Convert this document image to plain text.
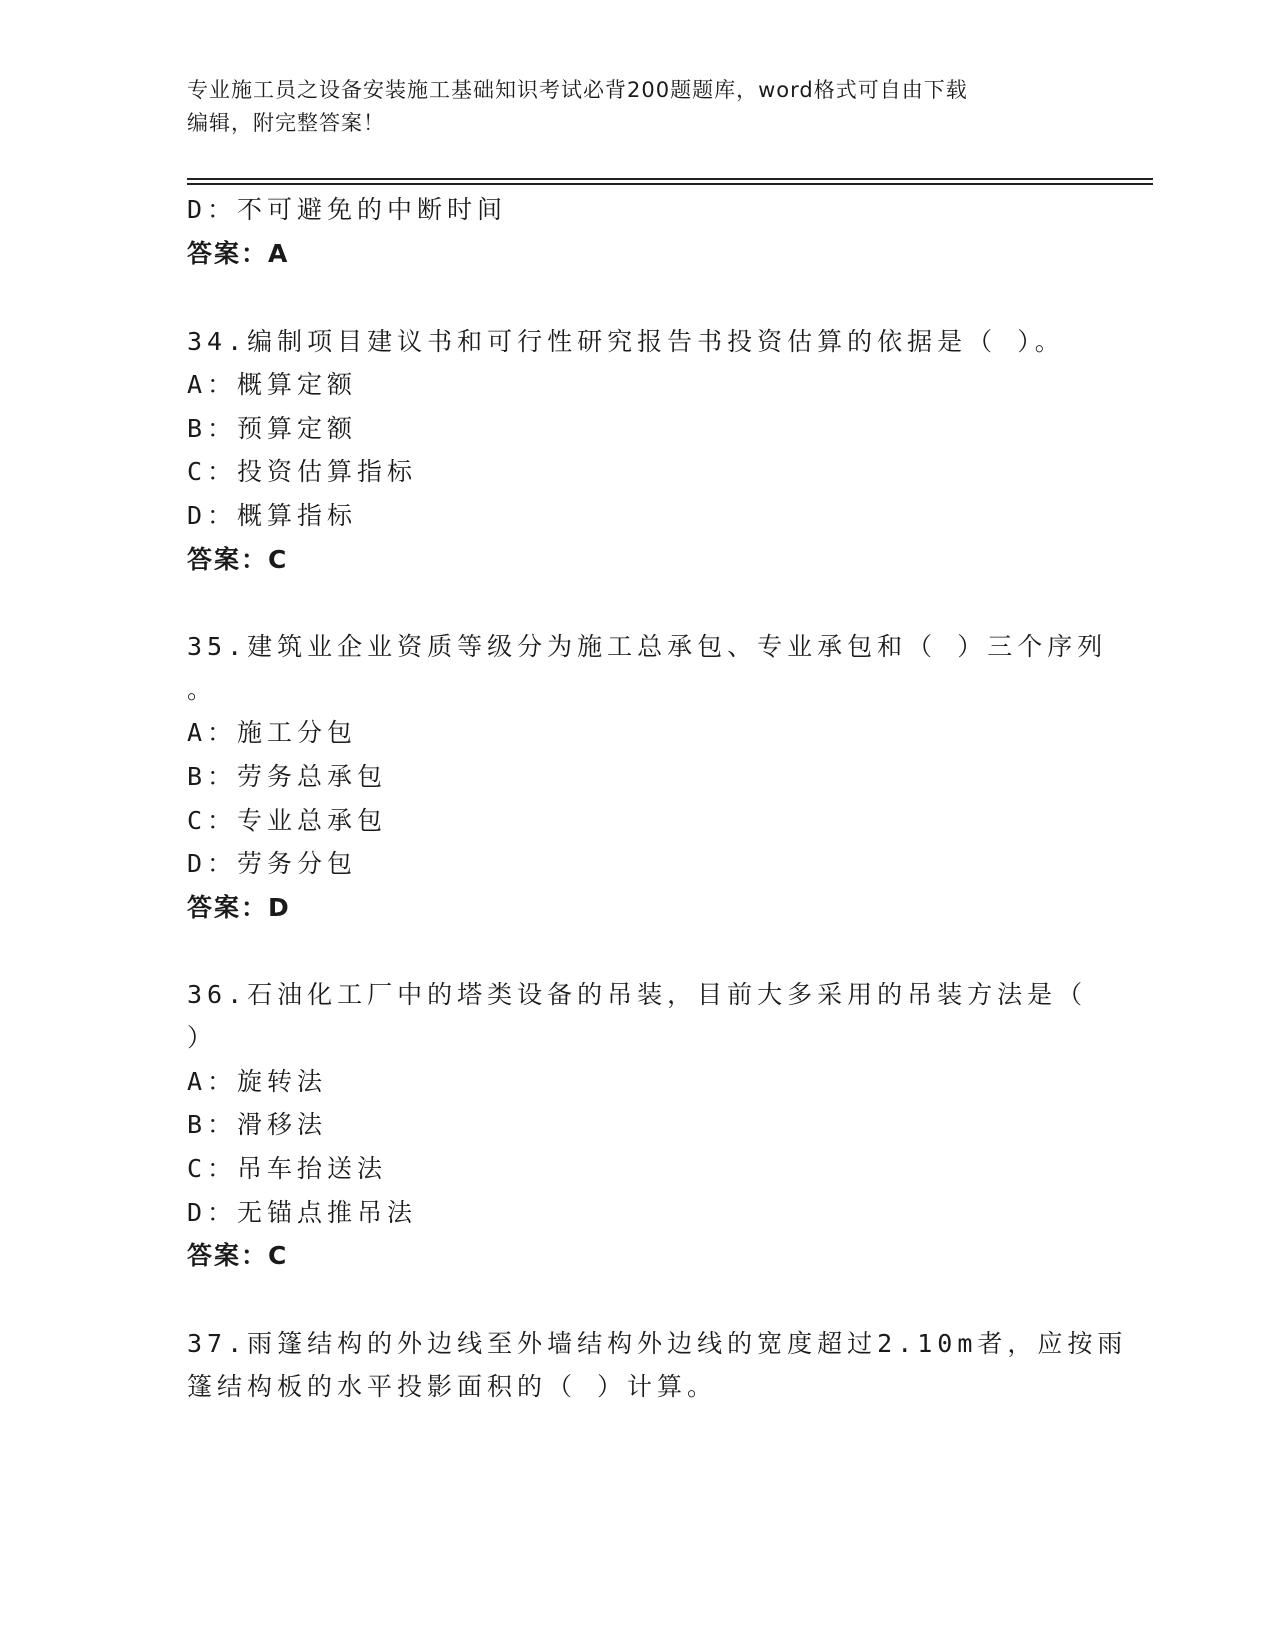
专业施工员之设备安装施工基础知识考试必背200题题库，word格式可自由下载
编辑，附完整答案！
D：不可避免的中断时间
答案：A
34.编制项目建议书和可行性研究报告书投资估算的依据是（ ）。
A：概算定额
B：预算定额
C：投资估算指标
D：概算指标
答案：C
35.建筑业企业资质等级分为施工总承包、专业承包和（ ）三个序列
。
A：施工分包
B：劳务总承包
C：专业总承包
D：劳务分包
答案：D
36.石油化工厂中的塔类设备的吊装，目前大多采用的吊装方法是（
）
A：旋转法
B：滑移法
C：吊车抬送法
D：无锚点推吊法
答案：C
37.雨篷结构的外边线至外墙结构外边线的宽度超过2.10m者，应按雨
篷结构板的水平投影面积的（ ）计算。
